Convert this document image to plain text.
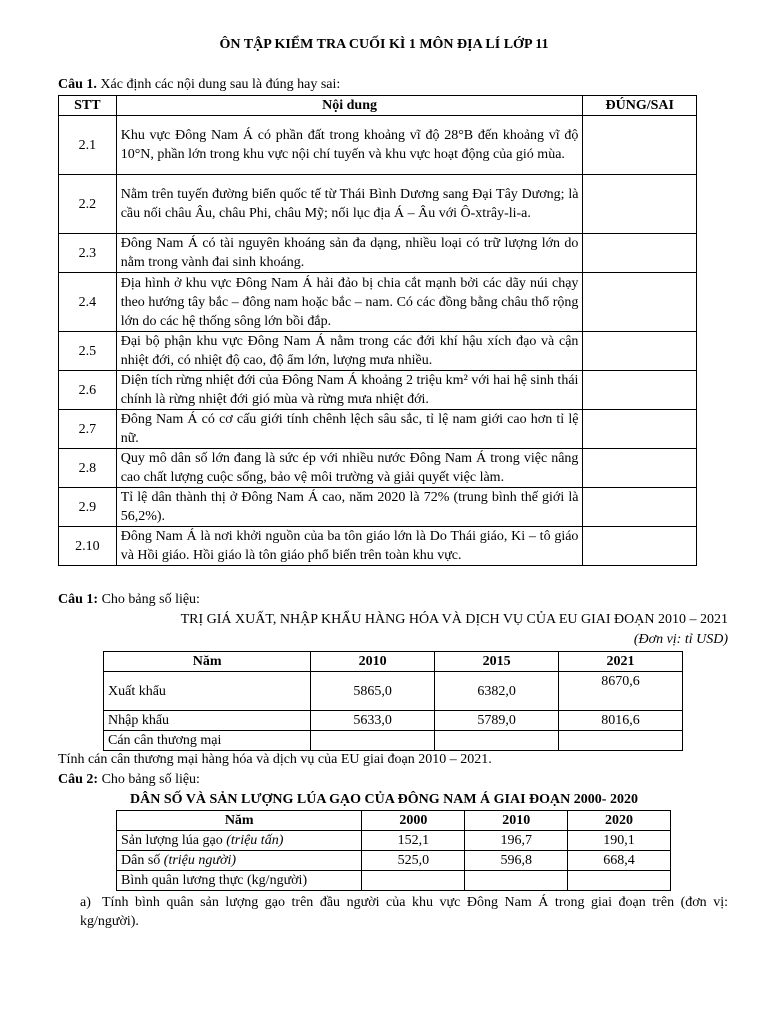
ÔN TẬP KIỂM TRA CUỐI KÌ 1 MÔN ĐỊA LÍ LỚP 11
Câu 1. Xác định các nội dung sau là đúng hay sai:
STT	Nội dung	ĐÚNG/SAI
2.1	Khu vực Đông Nam Á có phần đất trong khoảng vĩ độ 28°B đến khoảng vĩ độ 10°N, phần lớn trong khu vực nội chí tuyến và khu vực hoạt động của gió mùa.	
2.2	Nằm trên tuyến đường biển quốc tế từ Thái Bình Dương sang Đại Tây Dương; là cầu nối châu Âu, châu Phi, châu Mỹ; nối lục địa Á – Âu với Ô-xtrây-li-a.	
2.3	Đông Nam Á có tài nguyên khoáng sản đa dạng, nhiều loại có trữ lượng lớn do nằm trong vành đai sinh khoáng.	
2.4	Địa hình ở khu vực Đông Nam Á hải đảo bị chia cắt mạnh bởi các dãy núi chạy theo hướng tây bắc – đông nam hoặc bắc – nam. Có các đồng bằng châu thổ rộng lớn do các hệ thống sông lớn bồi đắp.	
2.5	Đại bộ phận khu vực Đông Nam Á nằm trong các đới khí hậu xích đạo và cận nhiệt đới, có nhiệt độ cao, độ ẩm lớn, lượng mưa nhiều.	
2.6	Diện tích rừng nhiệt đới của Đông Nam Á khoảng 2 triệu km² với hai hệ sinh thái chính là rừng nhiệt đới gió mùa và rừng mưa nhiệt đới.	
2.7	Đông Nam Á có cơ cấu giới tính chênh lệch sâu sắc, tỉ lệ nam giới cao hơn tỉ lệ nữ.	
2.8	Quy mô dân số lớn đang là sức ép với nhiều nước Đông Nam Á trong việc nâng cao chất lượng cuộc sống, bảo vệ môi trường và giải quyết việc làm.	
2.9	Tỉ lệ dân thành thị ở Đông Nam Á cao, năm 2020 là 72% (trung bình thế giới là 56,2%).	
2.10	Đông Nam Á là nơi khởi nguồn của ba tôn giáo lớn là Do Thái giáo, Ki – tô giáo và Hồi giáo. Hồi giáo là tôn giáo phổ biến trên toàn khu vực.	
Câu 1: Cho bảng số liệu:
TRỊ GIÁ XUẤT, NHẬP KHẨU HÀNG HÓA VÀ DỊCH VỤ CỦA EU GIAI ĐOẠN 2010 – 2021
(Đơn vị: tỉ USD)
Năm	2010	2015	2021
Xuất khẩu	5865,0	6382,0	8670,6
Nhập khẩu	5633,0	5789,0	8016,6
Cán cân thương mại			
Tính cán cân thương mại hàng hóa và dịch vụ của EU giai đoạn 2010 – 2021.
Câu 2: Cho bảng số liệu:
DÂN SỐ VÀ SẢN LƯỢNG LÚA GẠO CỦA ĐÔNG NAM Á GIAI ĐOẠN 2000- 2020
Năm	2000	2010	2020
Sản lượng lúa gạo (triệu tấn)	152,1	196,7	190,1
Dân số (triệu người)	525,0	596,8	668,4
Bình quân lương thực (kg/người)			
a) Tính bình quân sản lượng gạo trên đầu người của khu vực Đông Nam Á trong giai đoạn trên (đơn vị: kg/người).
